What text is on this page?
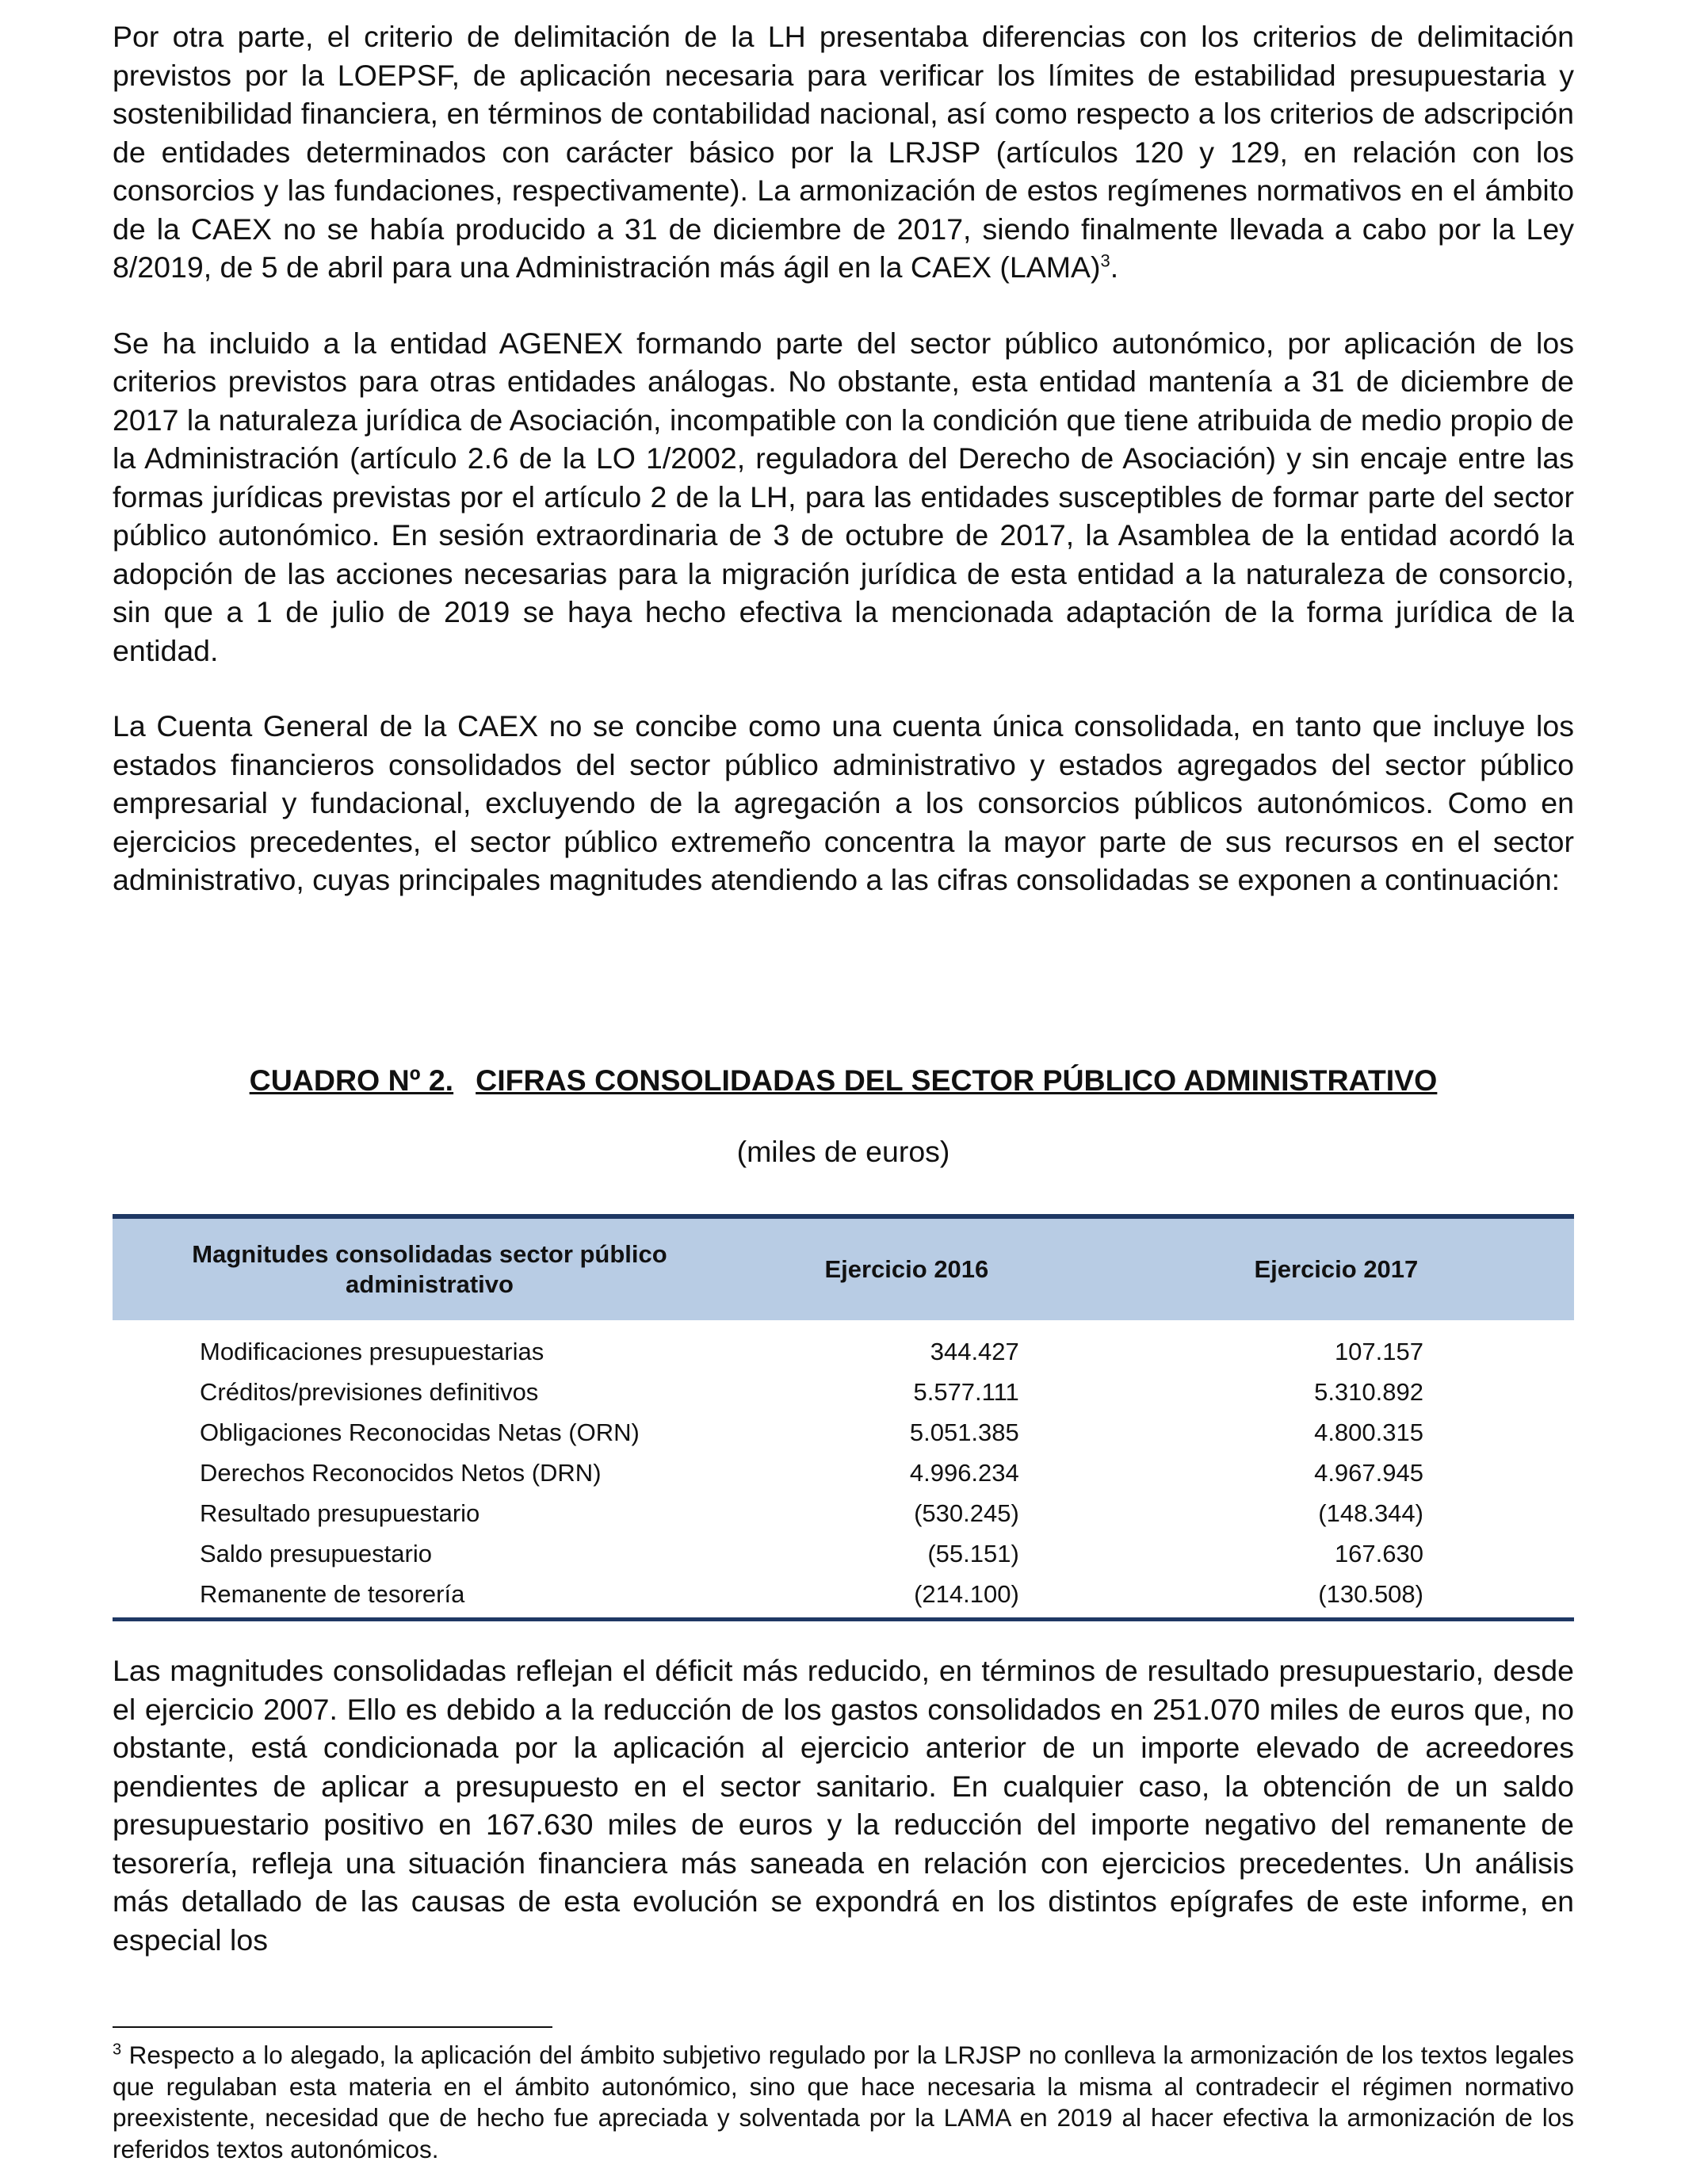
Por otra parte, el criterio de delimitación de la LH presentaba diferencias con los criterios de delimitación previstos por la LOEPSF, de aplicación necesaria para verificar los límites de estabilidad presupuestaria y sostenibilidad financiera, en términos de contabilidad nacional, así como respecto a los criterios de adscripción de entidades determinados con carácter básico por la LRJSP (artículos 120 y 129, en relación con los consorcios y las fundaciones, respectivamente). La armonización de estos regímenes normativos en el ámbito de la CAEX no se había producido a 31 de diciembre de 2017, siendo finalmente llevada a cabo por la Ley 8/2019, de 5 de abril para una Administración más ágil en la CAEX (LAMA)$^3$.

Se ha incluido a la entidad AGENEX formando parte del sector público autonómico, por aplicación de los criterios previstos para otras entidades análogas. No obstante, esta entidad mantenía a 31 de diciembre de 2017 la naturaleza jurídica de Asociación, incompatible con la condición que tiene atribuida de medio propio de la Administración (artículo 2.6 de la LO 1/2002, reguladora del Derecho de Asociación) y sin encaje entre las formas jurídicas previstas por el artículo 2 de la LH, para las entidades susceptibles de formar parte del sector público autonómico. En sesión extraordinaria de 3 de octubre de 2017, la Asamblea de la entidad acordó la adopción de las acciones necesarias para la migración jurídica de esta entidad a la naturaleza de consorcio, sin que a 1 de julio de 2019 se haya hecho efectiva la mencionada adaptación de la forma jurídica de la entidad.

La Cuenta General de la CAEX no se concibe como una cuenta única consolidada, en tanto que incluye los estados financieros consolidados del sector público administrativo y estados agregados del sector público empresarial y fundacional, excluyendo de la agregación a los consorcios públicos autonómicos. Como en ejercicios precedentes, el sector público extremeño concentra la mayor parte de sus recursos en el sector administrativo, cuyas principales magnitudes atendiendo a las cifras consolidadas se exponen a continuación:

CUADRO Nº 2. CIFRAS CONSOLIDADAS DEL SECTOR PÚBLICO ADMINISTRATIVO

(miles de euros)

Magnitudes consolidadas sector público administrativo	Ejercicio 2016	Ejercicio 2017
Modificaciones presupuestarias	344.427	107.157
Créditos/previsiones definitivos	5.577.111	5.310.892
Obligaciones Reconocidas Netas (ORN)	5.051.385	4.800.315
Derechos Reconocidos Netos (DRN)	4.996.234	4.967.945
Resultado presupuestario	(530.245)	(148.344)
Saldo presupuestario	(55.151)	167.630
Remanente de tesorería	(214.100)	(130.508)

Las magnitudes consolidadas reflejan el déficit más reducido, en términos de resultado presupuestario, desde el ejercicio 2007. Ello es debido a la reducción de los gastos consolidados en 251.070 miles de euros que, no obstante, está condicionada por la aplicación al ejercicio anterior de un importe elevado de acreedores pendientes de aplicar a presupuesto en el sector sanitario. En cualquier caso, la obtención de un saldo presupuestario positivo en 167.630 miles de euros y la reducción del importe negativo del remanente de tesorería, refleja una situación financiera más saneada en relación con ejercicios precedentes. Un análisis más detallado de las causas de esta evolución se expondrá en los distintos epígrafes de este informe, en especial los

$^3$ Respecto a lo alegado, la aplicación del ámbito subjetivo regulado por la LRJSP no conlleva la armonización de los textos legales que regulaban esta materia en el ámbito autonómico, sino que hace necesaria la misma al contradecir el régimen normativo preexistente, necesidad que de hecho fue apreciada y solventada por la LAMA en 2019 al hacer efectiva la armonización de los referidos textos autonómicos.
